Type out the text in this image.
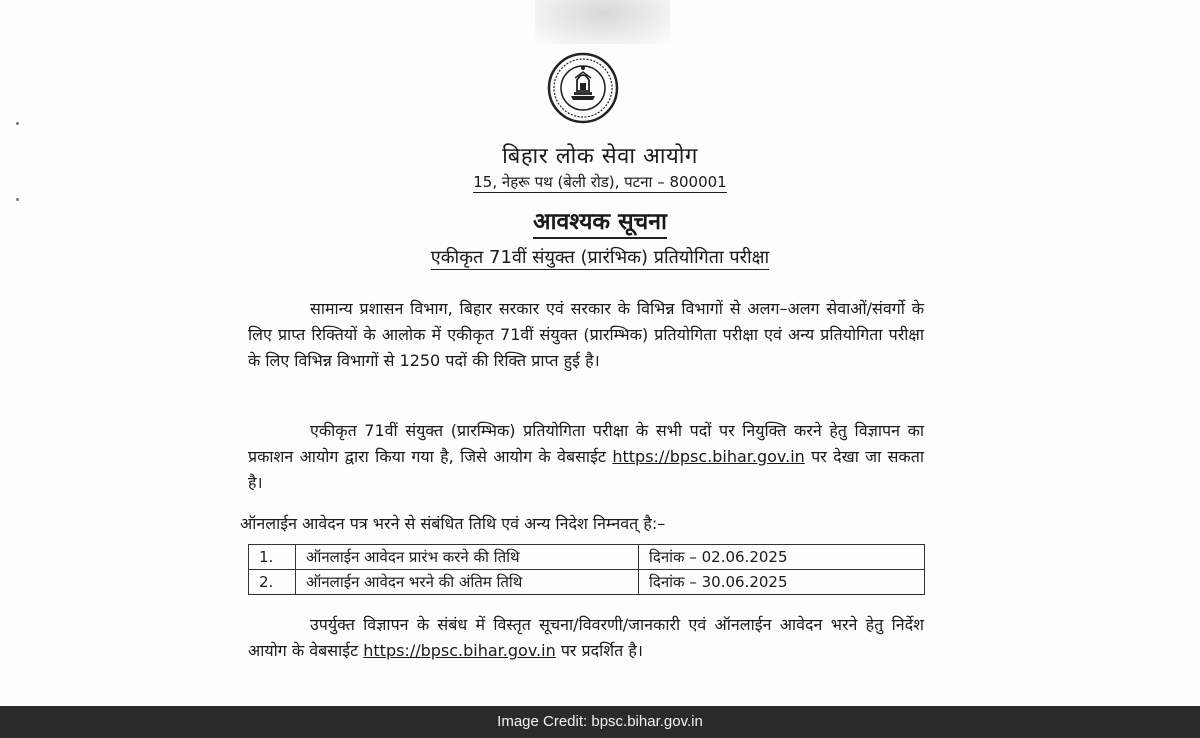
बिहार लोक सेवा आयोग
15, नेहरू पथ (बेली रोड), पटना – 800001
आवश्यक सूचना
एकीकृत 71वीं संयुक्त (प्रारंभिक) प्रतियोगिता परीक्षा
सामान्य प्रशासन विभाग, बिहार सरकार एवं सरकार के विभिन्न विभागों से अलग–अलग सेवाओं/संवर्गो के लिए प्राप्त रिक्तियों के आलोक में एकीकृत 71वीं संयुक्त (प्रारम्भिक) प्रतियोगिता परीक्षा एवं अन्य प्रतियोगिता परीक्षा के लिए विभिन्न विभागों से 1250 पदों की रिक्ति प्राप्त हुई है।
एकीकृत 71वीं संयुक्त (प्रारम्भिक) प्रतियोगिता परीक्षा के सभी पदों पर नियुक्ति करने हेतु विज्ञापन का प्रकाशन आयोग द्वारा किया गया है, जिसे आयोग के वेबसाईट https://bpsc.bihar.gov.in पर देखा जा सकता है।
ऑनलाईन आवेदन पत्र भरने से संबंधित तिथि एवं अन्य निदेश निम्नवत् है:–
1.	ऑनलाईन आवेदन प्रारंभ करने की तिथि	दिनांक – 02.06.2025
2.	ऑनलाईन आवेदन भरने की अंतिम तिथि	दिनांक – 30.06.2025
उपर्युक्त विज्ञापन के संबंध में विस्तृत सूचना/विवरणी/जानकारी एवं ऑनलाईन आवेदन भरने हेतु निर्देश आयोग के वेबसाईट https://bpsc.bihar.gov.in पर प्रदर्शित है।
Image Credit: bpsc.bihar.gov.in
